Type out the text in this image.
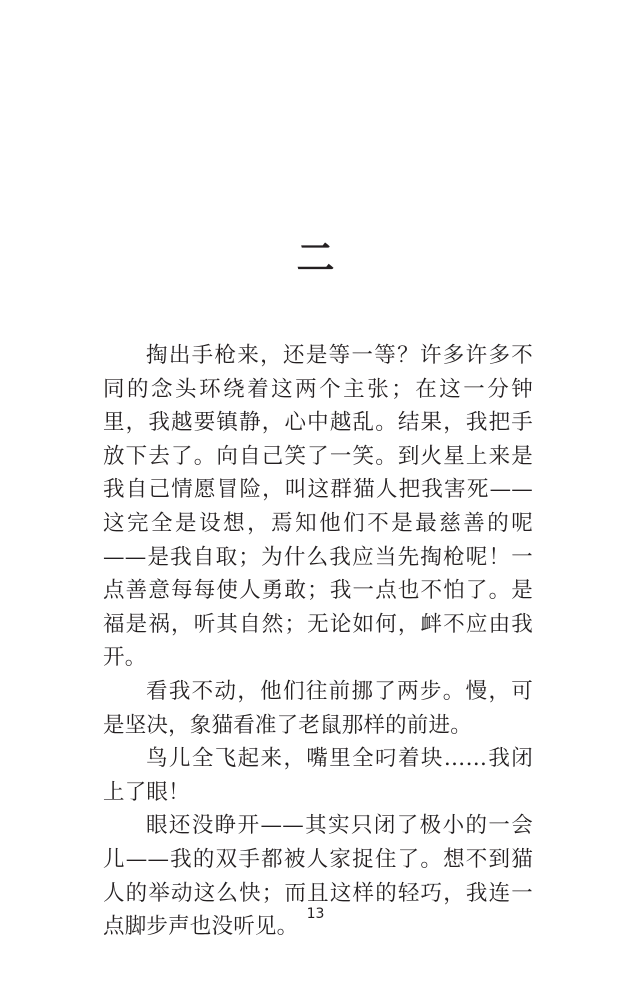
二

掏出手枪来，还是等一等？许多许多不同的念头环绕着这两个主张；在这一分钟里，我越要镇静，心中越乱。结果，我把手放下去了。向自己笑了一笑。到火星上来是我自己情愿冒险，叫这群猫人把我害死——这完全是设想，焉知他们不是最慈善的呢——是我自取；为什么我应当先掏枪呢！一点善意每每使人勇敢；我一点也不怕了。是福是祸，听其自然；无论如何，衅不应由我开。

看我不动，他们往前挪了两步。慢，可是坚决，象猫看准了老鼠那样的前进。

鸟儿全飞起来，嘴里全叼着块……我闭上了眼！

眼还没睁开——其实只闭了极小的一会儿——我的双手都被人家捉住了。想不到猫人的举动这么快；而且这样的轻巧，我连一点脚步声也没听见。

13
